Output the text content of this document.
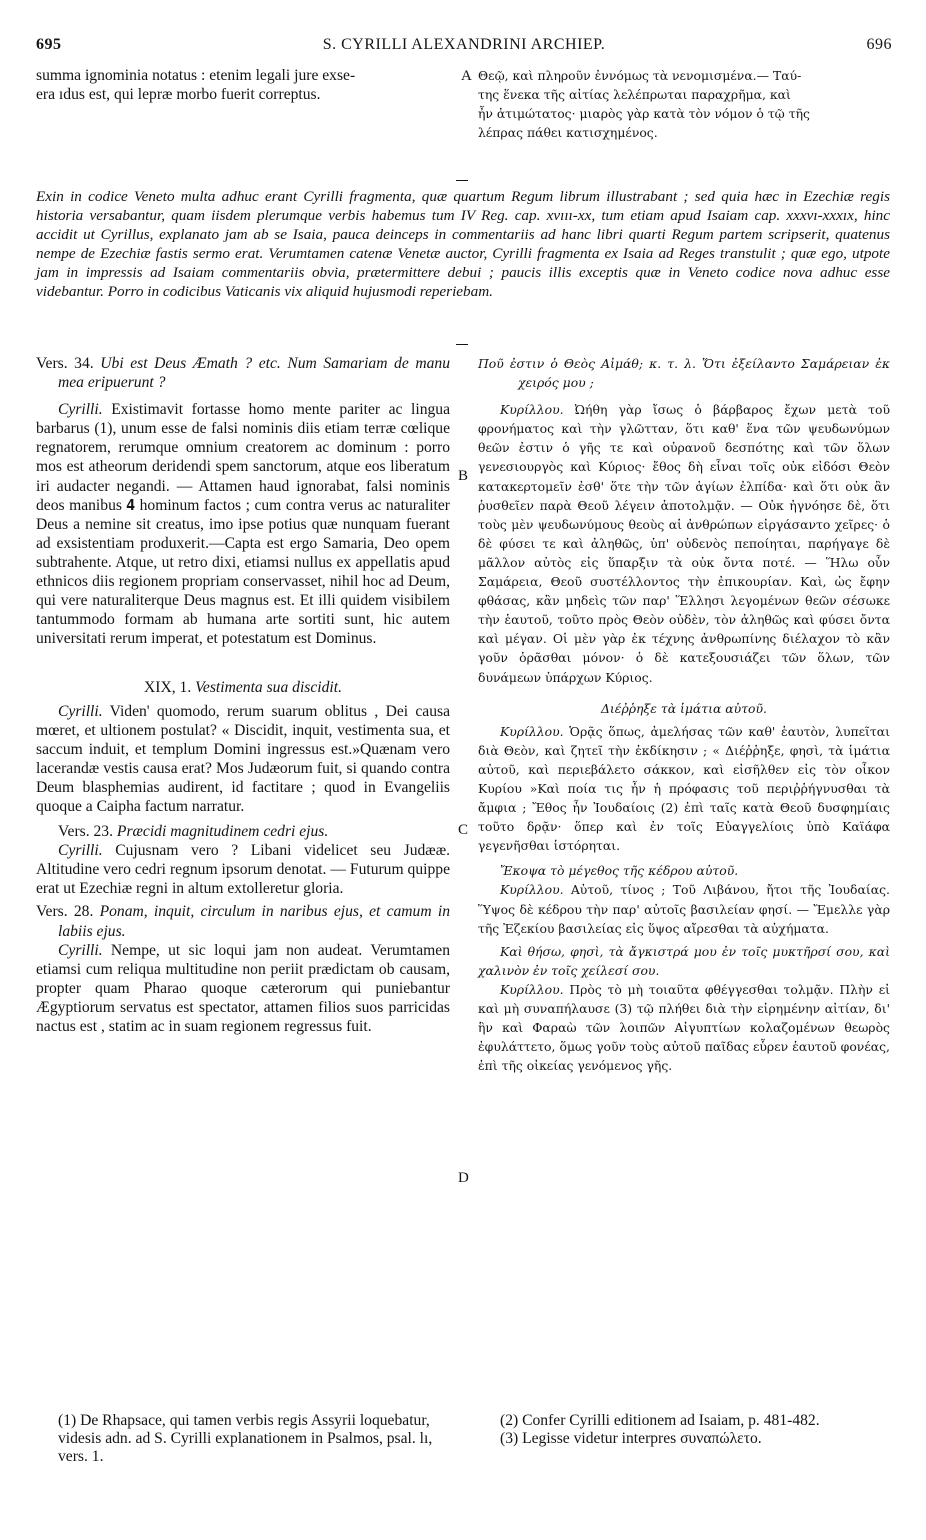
695	S. CYRILLI ALEXANDRINI ARCHIEP.	696

summa ignominia notatus : etenim legali jure exse-

era ıdus est, qui lepræ morbo fuerit correptus.

A Θεῷ, καὶ πληροῦν ἐννόμως τὰ νενομισμένα.— Ταύ-

της ἕνεκα τῆς αἰτίας λελέπρωται παραχρῆμα, καὶ

ἦν ἀτιμώτατος· μιαρὸς γὰρ κατὰ τὸν νόμον ὁ τῷ τῆς

λέπρας πάθει κατισχημένος.

Exin in codice Veneto multa adhuc erant Cyrilli fragmenta, quæ quartum Regum librum illustrabant ; sed quia hæc in Ezechiæ regis historia versabantur, quam iisdem plerumque verbis habemus tum IV Reg. cap. xvııı-xx, tum etiam apud Isaiam cap. xxxvı-xxxıx, hinc accidit ut Cyrillus, explanato jam ab se Isaia, pauca deinceps in commentariis ad hanc libri quarti Regum partem scripserit, quatenus nempe de Ezechiæ fastis sermo erat. Verumtamen catenæ Venetæ auctor, Cyrilli fragmenta ex Isaia ad Reges transtulit ; quæ ego, utpote jam in impressis ad Isaiam commentariis obvia, prætermittere debui ; paucis illis exceptis quæ in Veneto codice nova adhuc esse videbantur. Porro in codicibus Vaticanis vix aliquid hujusmodi reperiebam.

Vers. 34. Ubi est Deus Æmath ? etc. Num Samariam de manu mea eripuerunt ?

Cyrilli. Existimavit fortasse homo mente pariter ac lingua barbarus (1), unum esse de falsi nominis diis etiam terræ cœlique regnatorem, rerumque omnium creatorem ac dominum : porro mos est atheorum deridendi spem sanctorum, atque eos liberatum iri audacter negandi. — Attamen haud ignorabat, falsi nominis deos manibus 𝟒 hominum factos ; cum contra verus ac naturaliter Deus a nemine sit creatus, imo ipse potius quæ nunquam fuerant ad exsistentiam produxerit.—Capta est ergo Samaria, Deo opem subtrahente. Atque, ut retro dixi, etiamsi nullus ex appellatis apud ethnicos diis regionem propriam conservasset, nihil hoc ad Deum, qui vere naturaliterque Deus magnus est. Et illi quidem visibilem tantummodo formam ab humana arte sortiti sunt, hic autem universitati rerum imperat, et potestatum est Dominus.

XIX, 1. Vestimenta sua discidit.

Cyrilli. Viden' quomodo, rerum suarum oblitus , Dei causa mœret, et ultionem postulat? « Discidit, inquit, vestimenta sua, et saccum induit, et templum Domini ingressus est.»Quænam vero lacerandæ vestis causa erat? Mos Judæorum fuit, si quando contra Deum blasphemias audirent, id factitare ; quod in Evangeliis quoque a Caipha factum narratur.

Vers. 23. Præcidi magnitudinem cedri ejus.

Cyrilli. Cujusnam vero ? Libani videlicet seu Judææ. Altitudine vero cedri regnum ipsorum denotat. — Futurum quippe erat ut Ezechiæ regni in altum extolleretur gloria.

Vers. 28. Ponam, inquit, circulum in naribus ejus, et camum in labiis ejus.

Cyrilli. Nempe, ut sic loqui jam non audeat. Verumtamen etiamsi cum reliqua multitudine non periit prædictam ob causam, propter quam Pharao quoque cæterorum qui puniebantur Ægyptiorum servatus est spectator, attamen filios suos parricidas nactus est , statim ac in suam regionem regressus fuit.

B
C
D

Ποῦ ἐστιν ὁ Θεὸς Αἰμάθ; κ. τ. λ. Ὅτι ἐξείλαντο Σαμάρειαν ἐκ χειρός μου ;

Κυρίλλου. Ὠήθη γὰρ ἴσως ὁ βάρβαρος ἔχων μετὰ τοῦ φρονήματος καὶ τὴν γλῶτταν, ὅτι καθ' ἕνα τῶν ψευδωνύμων θεῶν ἐστιν ὁ γῆς τε καὶ οὐρανοῦ δεσπότης καὶ τῶν ὅλων γενεσιουργὸς καὶ Κύριος· ἔθος δὴ εἶναι τοῖς οὐκ εἰδόσι Θεὸν κατακερτομεῖν ἐσθ' ὅτε τὴν τῶν ἁγίων ἐλπίδα· καὶ ὅτι οὐκ ἂν ῥυσθεῖεν παρὰ Θεοῦ λέγειν ἀποτολμᾷν. — Οὐκ ἠγνόησε δὲ, ὅτι τοὺς μὲν ψευδωνύμους θεοὺς αἱ ἀνθρώπων εἰργάσαντο χεῖρες· ὁ δὲ φύσει τε καὶ ἀληθῶς, ὑπ' οὐδενὸς πεποίηται, παρήγαγε δὲ μᾶλλον αὐτὸς εἰς ὕπαρξιν τὰ οὐκ ὄντα ποτέ. — Ἥλω οὖν Σαμάρεια, Θεοῦ συστέλλοντος τὴν ἐπικουρίαν. Καὶ, ὡς ἔφην φθάσας, κἂν μηδεὶς τῶν παρ' Ἕλλησι λεγομένων θεῶν σέσωκε τὴν ἑαυτοῦ, τοῦτο πρὸς Θεὸν οὐδὲν, τὸν ἀληθῶς καὶ φύσει ὄντα καὶ μέγαν. Οἱ μὲν γὰρ ἐκ τέχνης ἀνθρωπίνης διέλαχον τὸ κἂν γοῦν ὁρᾶσθαι μόνον· ὁ δὲ κατεξουσιάζει τῶν ὅλων, τῶν δυνάμεων ὑπάρχων Κύριος.

Διέῤῥηξε τὰ ἱμάτια αὐτοῦ.

Κυρίλλου. Ὁρᾷς ὅπως, ἀμελήσας τῶν καθ' ἑαυτὸν, λυπεῖται διὰ Θεὸν, καὶ ζητεῖ τὴν ἐκδίκησιν ; « Διέῤῥηξε, φησὶ, τὰ ἱμάτια αὐτοῦ, καὶ περιεβάλετο σάκκον, καὶ εἰσῆλθεν εἰς τὸν οἶκον Κυρίου »Καὶ ποία τις ἦν ἡ πρόφασις τοῦ περιῤῥήγνυσθαι τὰ ἄμφια ; Ἔθος ἦν Ἰουδαίοις (2) ἐπὶ ταῖς κατὰ Θεοῦ δυσφημίαις τοῦτο δρᾷν· ὅπερ καὶ ἐν τοῖς Εὐαγγελίοις ὑπὸ Καϊάφα γεγενῆσθαι ἱστόρηται.

Ἔκοψα τὸ μέγεθος τῆς κέδρου αὐτοῦ.

Κυρίλλου. Αὐτοῦ, τίνος ; Τοῦ Λιβάνου, ἤτοι τῆς Ἰουδαίας. Ὕψος δὲ κέδρου τὴν παρ' αὐτοῖς βασιλείαν φησί. — Ἔμελλε γὰρ τῆς Ἐζεκίου βασιλείας εἰς ὕψος αἴρεσθαι τὰ αὐχήματα.

Καὶ θήσω, φησὶ, τὰ ἄγκιστρά μου ἐν τοῖς μυκτῆρσί σου, καὶ χαλινὸν ἐν τοῖς χείλεσί σου.

Κυρίλλου. Πρὸς τὸ μὴ τοιαῦτα φθέγγεσθαι τολμᾷν. Πλὴν εἰ καὶ μὴ συναπήλαυσε (3) τῷ πλήθει διὰ τὴν εἰρημένην αἰτίαν, δι' ἣν καὶ Φαραὼ τῶν λοιπῶν Αἰγυπτίων κολαζομένων θεωρὸς ἐφυλάττετο, ὅμως γοῦν τοὺς αὐτοῦ παῖδας εὗρεν ἑαυτοῦ φονέας, ἐπὶ τῆς οἰκείας γενόμενος γῆς.

(1) De Rhapsace, qui tamen verbis regis Assyrii loquebatur, videsis adn. ad S. Cyrilli explanationem in Psalmos, psal. lı, vers. 1.

(2) Confer Cyrilli editionem ad Isaiam, p. 481-482.

(3) Legisse videtur interpres συναπώλετο.
